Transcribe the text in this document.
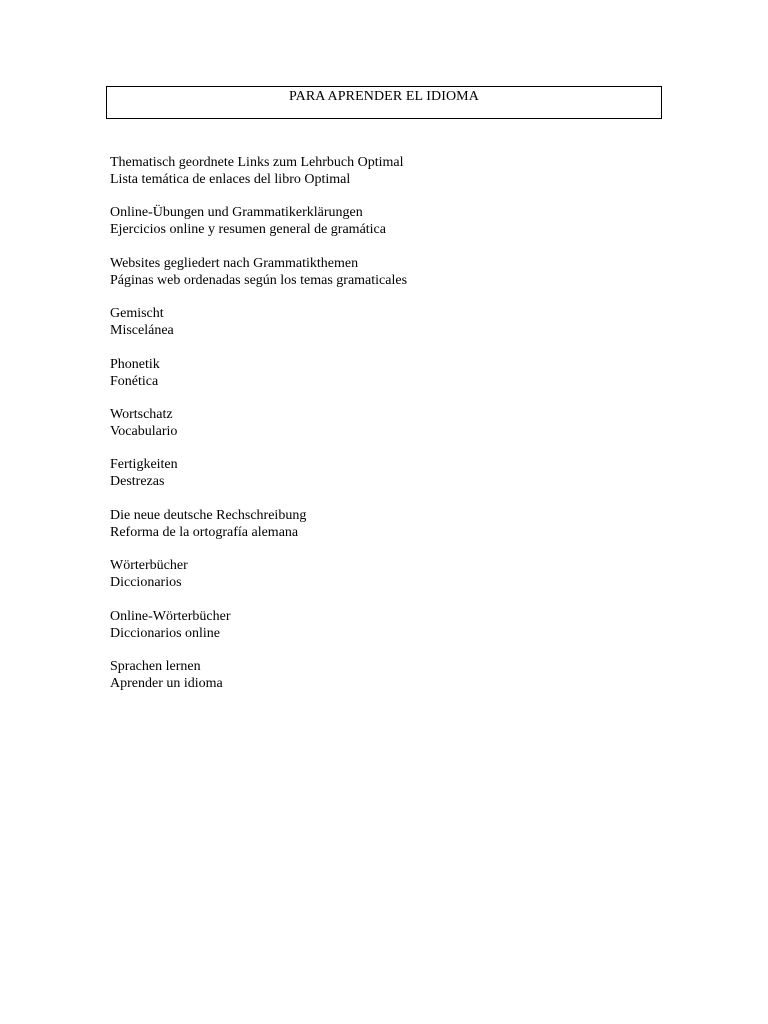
PARA APRENDER EL IDIOMA
Thematisch geordnete Links zum Lehrbuch Optimal
Lista temática de enlaces del libro Optimal
Online-Übungen und Grammatikerklärungen
Ejercicios online y resumen general de gramática
Websites gegliedert nach Grammatikthemen
Páginas web ordenadas según los temas gramaticales
Gemischt
Miscelánea
Phonetik
Fonética
Wortschatz
Vocabulario
Fertigkeiten
Destrezas
Die neue deutsche Rechschreibung
Reforma de la ortografía alemana
Wörterbücher
Diccionarios
Online-Wörterbücher
Diccionarios online
Sprachen lernen
Aprender un idioma
